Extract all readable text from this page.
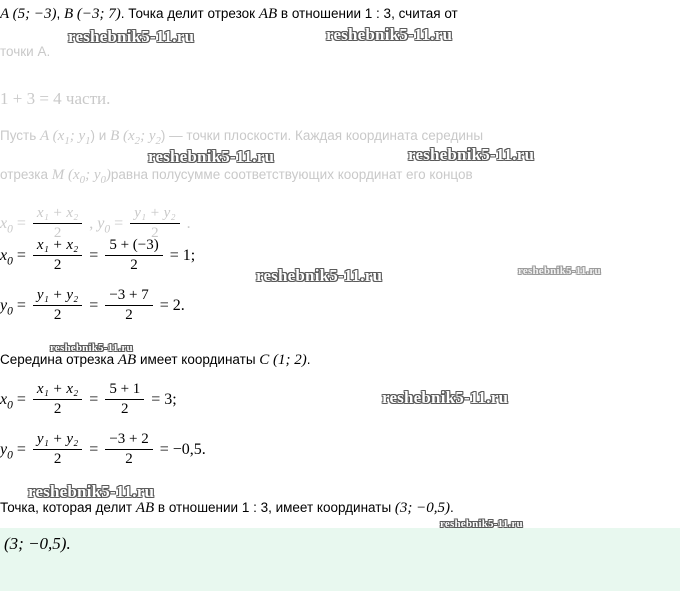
A (5; −3), B (−3; 7). Точка делит отрезок AB в отношении 1 : 3, считая от
точки A.
1 + 3 = 4 части.
Пусть A ($x_1$; $y_1$) и B ($x_2$; $y_2$) — точки плоскости. Каждая координата середины
отрезка M ($x_0$; $y_0)равна$ полусумме соответствующих координат его концов
$x_0 = \frac{\text{x₁ + x₂}}{2}$ , $y_0 = \frac{\text{y₁ + y₂}}{2}$ .
$x_0 = \frac{\text{x₁ + x₂}}{2} = \frac{5 + (-3)}{2} = 1$;
$y_0 = \frac{\text{y₁ + y₂}}{2} = \frac{-3 + 7}{2} = 2$.
Середина отрезка AB имеет координаты C (1; 2).
$x_0 = \frac{\text{x₁ + x₂}}{2} = \frac{5 + 1}{2} = 3$;
$y_0 = \frac{\text{y₁ + y₂}}{2} = \frac{-3 + 2}{2} = -0,5$.
Точка, которая делит AB в отношении 1 : 3, имеет координаты (3; −0,5).
(3; −0,5).
reshebnik5-11.ru	reshebnik5-11.ru
reshebnik5-11.ru	reshebnik5-11.ru
reshebnik5-11.ru	reshebnik5-11.ru
reshebnik5-11.ru
reshebnik5-11.ru
reshebnik5-11.ru
reshebnik5-11.ru
